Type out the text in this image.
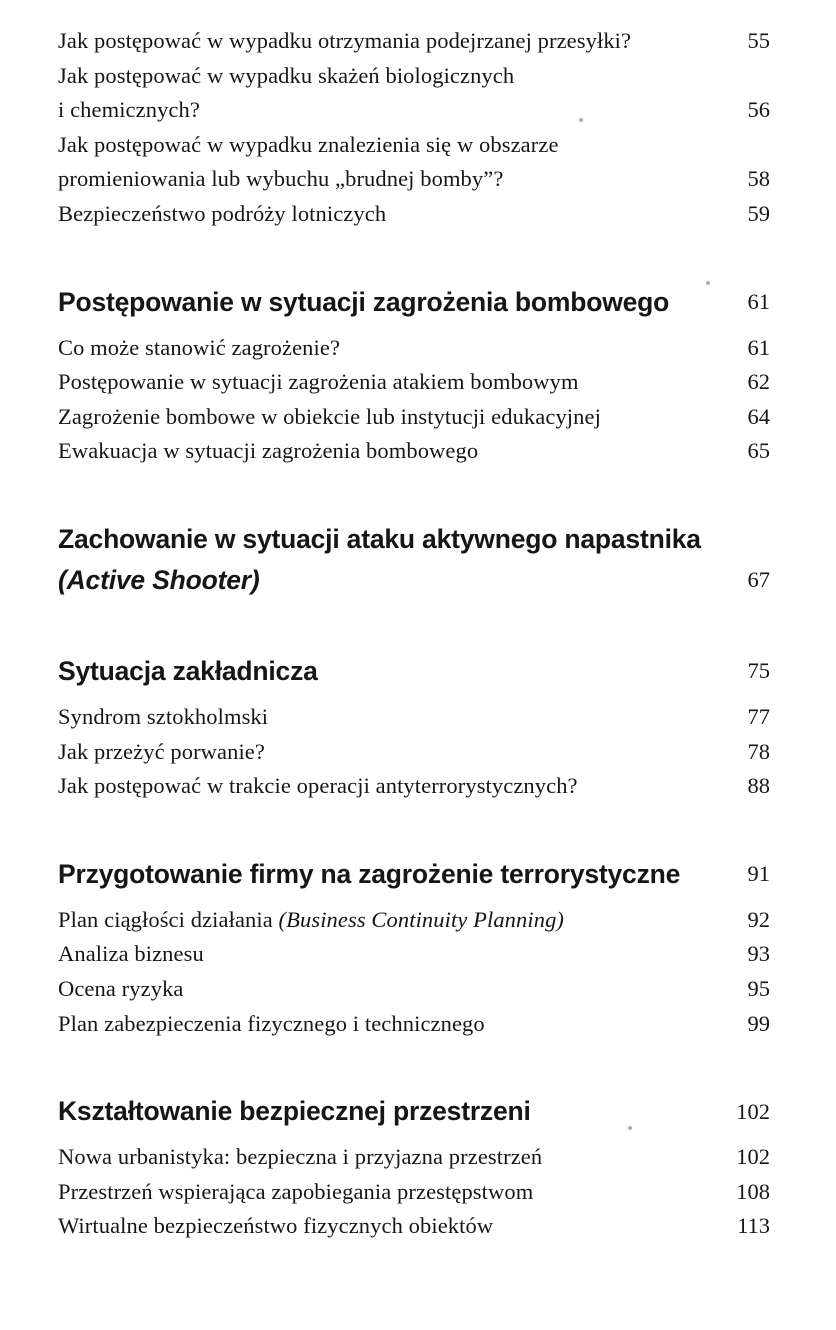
Jak postępować w wypadku otrzymania podejrzanej przesyłki?	55
Jak postępować w wypadku skażeń biologicznych
i chemicznych?	56
Jak postępować w wypadku znalezienia się w obszarze
promieniowania lub wybuchu „brudnej bomby”?	58
Bezpieczeństwo podróży lotniczych	59
Postępowanie w sytuacji zagrożenia bombowego	61
Co może stanowić zagrożenie?	61
Postępowanie w sytuacji zagrożenia atakiem bombowym	62
Zagrożenie bombowe w obiekcie lub instytucji edukacyjnej	64
Ewakuacja w sytuacji zagrożenia bombowego	65
Zachowanie w sytuacji ataku aktywnego napastnika
(Active Shooter)	67
Sytuacja zakładnicza	75
Syndrom sztokholmski	77
Jak przeżyć porwanie?	78
Jak postępować w trakcie operacji antyterrorystycznych?	88
Przygotowanie firmy na zagrożenie terrorystyczne	91
Plan ciągłości działania (Business Continuity Planning)	92
Analiza biznesu	93
Ocena ryzyka	95
Plan zabezpieczenia fizycznego i technicznego	99
Kształtowanie bezpiecznej przestrzeni	102
Nowa urbanistyka: bezpieczna i przyjazna przestrzeń	102
Przestrzeń wspierająca zapobiegania przestępstwom	108
Wirtualne bezpieczeństwo fizycznych obiektów	113
